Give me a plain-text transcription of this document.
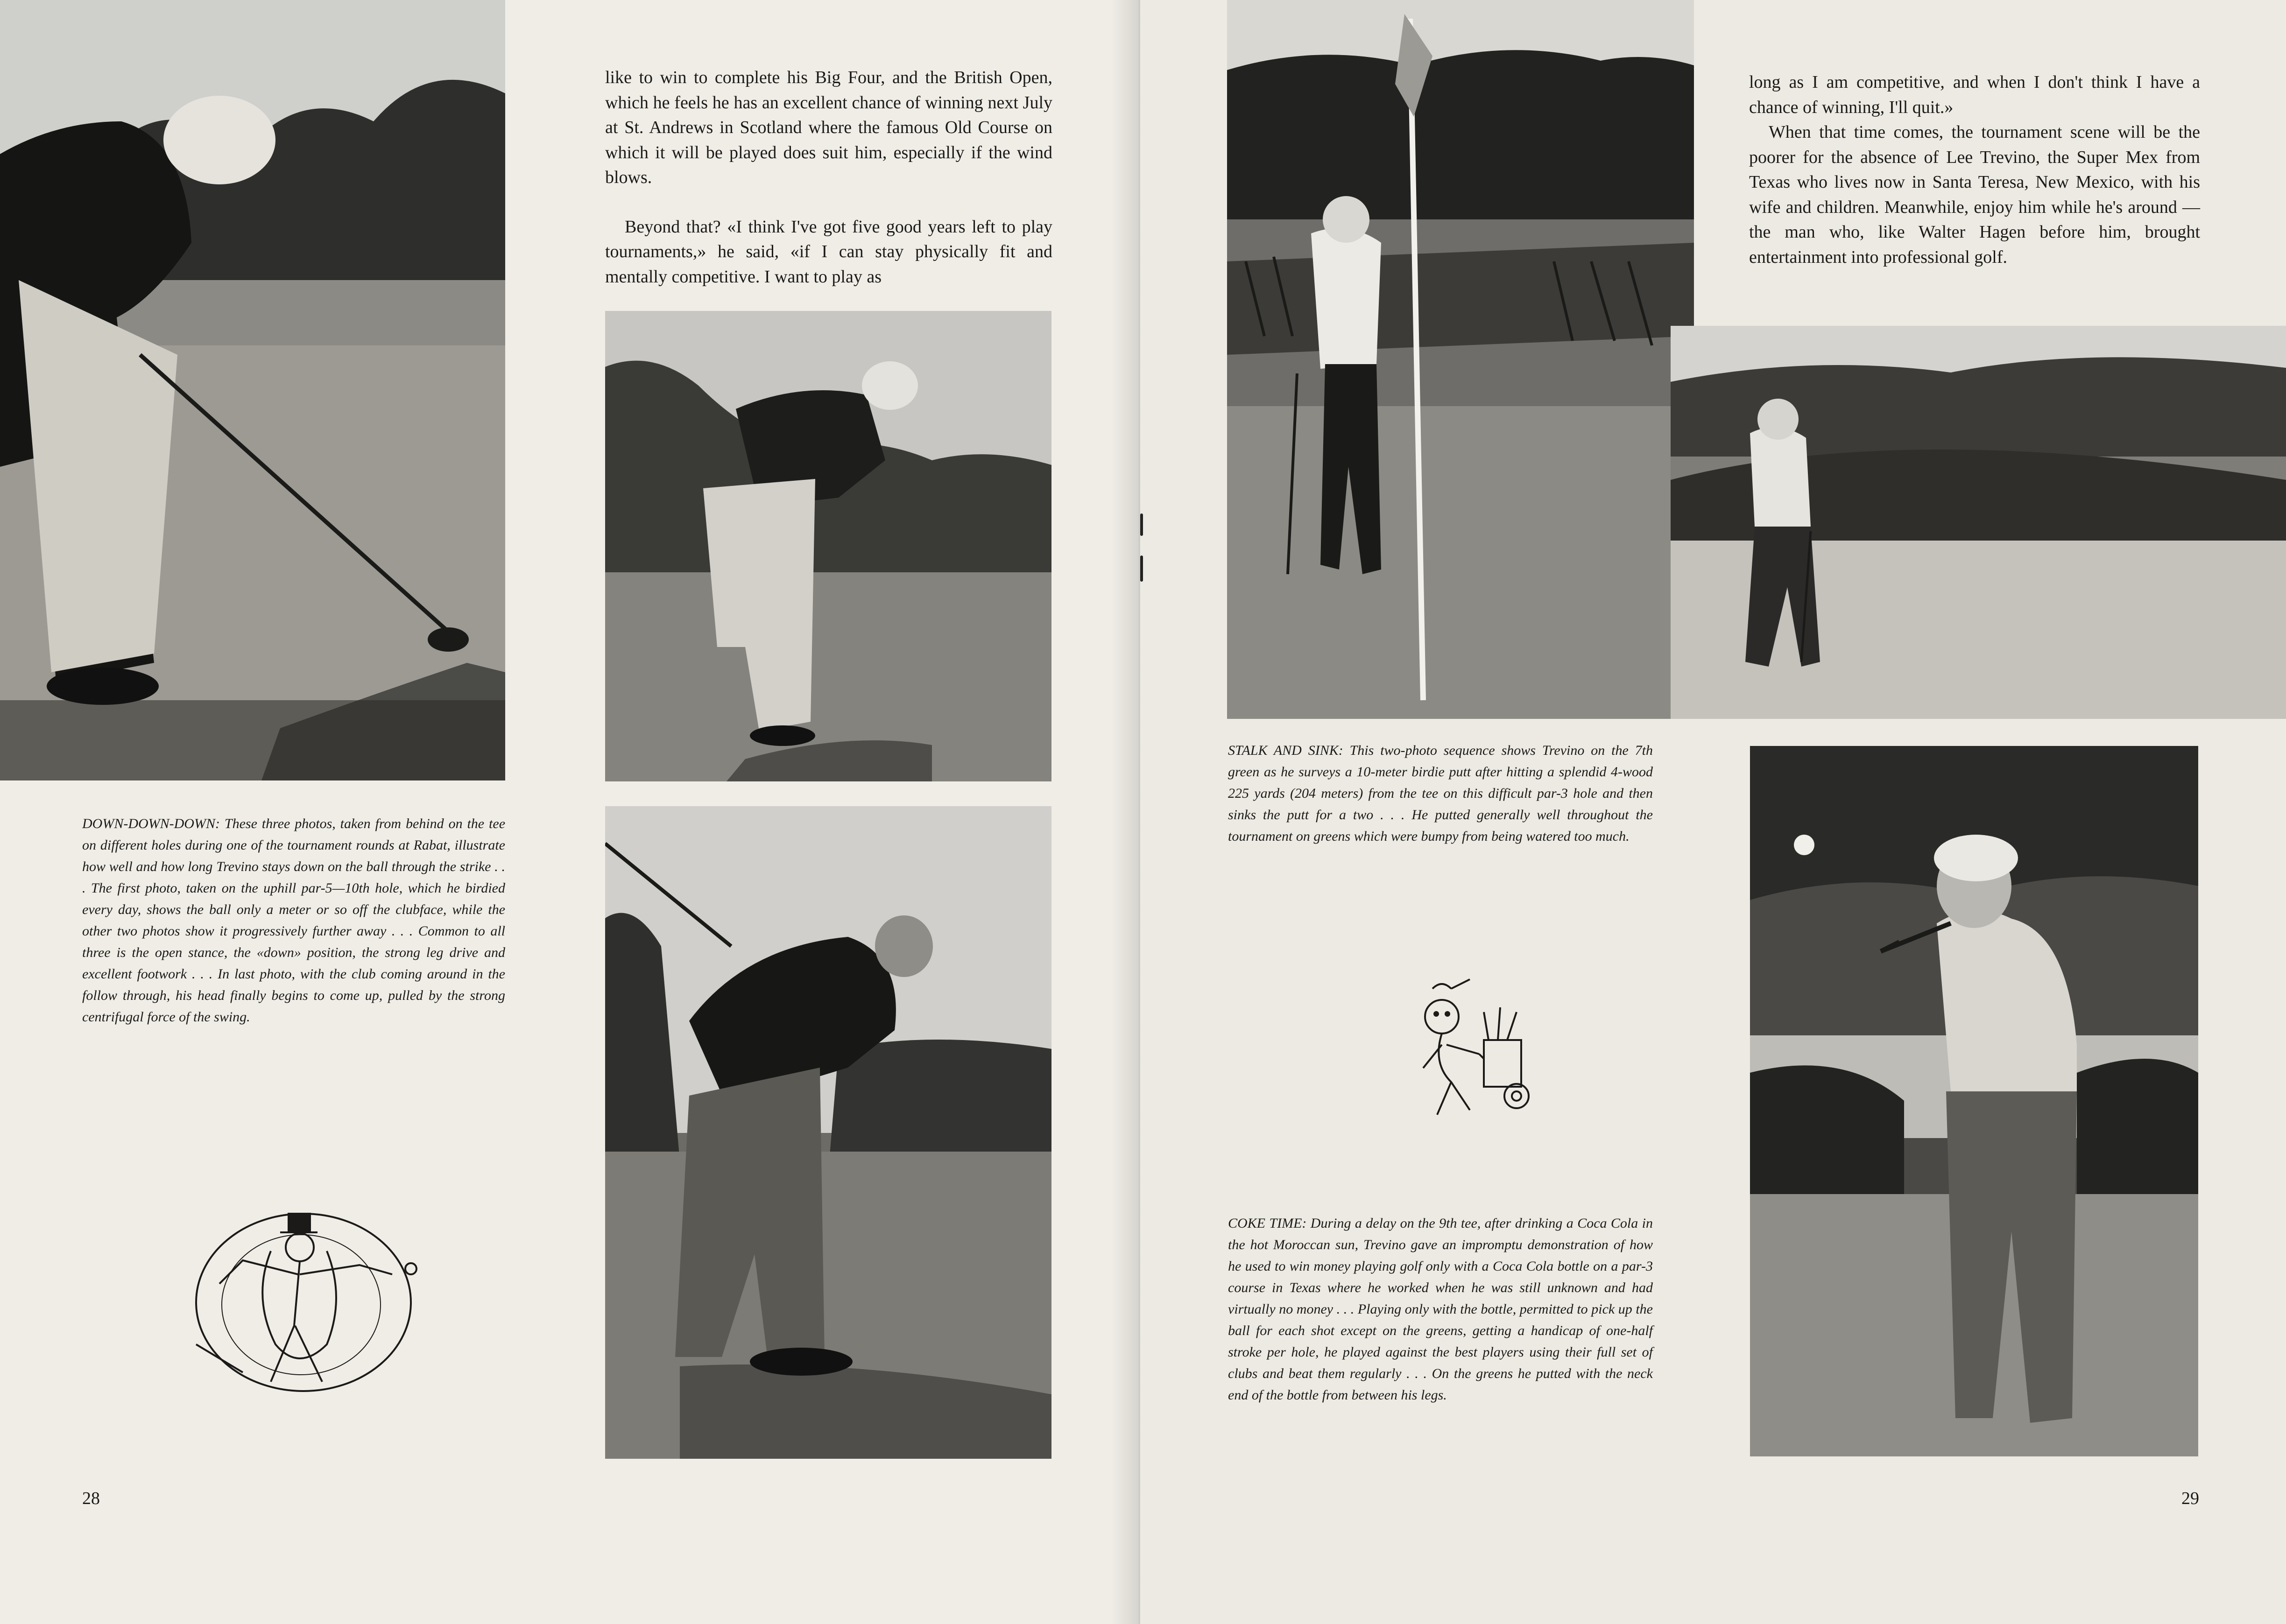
like to win to complete his Big Four, and the British Open, which he feels he has an excellent chance of winning next July at St. Andrews in Scotland where the famous Old Course on which it will be played does suit him, especially if the wind blows.

Beyond that? «I think I've got five good years left to play tournaments,» he said, «if I can stay physically fit and mentally competitive. I want to play as

DOWN-DOWN-DOWN: These three photos, taken from behind on the tee on different holes during one of the tournament rounds at Rabat, illustrate how well and how long Trevino stays down on the ball through the strike . . . The first photo, taken on the uphill par-5—10th hole, which he birdied every day, shows the ball only a meter or so off the clubface, while the other two photos show it progressively further away . . . Common to all three is the open stance, the «down» position, the strong leg drive and excellent footwork . . . In last photo, with the club coming around in the follow through, his head finally begins to come up, pulled by the strong centrifugal force of the swing.
28

long as I am competitive, and when I don't think I have a chance of winning, I'll quit.»

When that time comes, the tournament scene will be the poorer for the absence of Lee Trevino, the Super Mex from Texas who lives now in Santa Teresa, New Mexico, with his wife and children. Meanwhile, enjoy him while he's around — the man who, like Walter Hagen before him, brought entertainment into professional golf.

STALK AND SINK: This two-photo sequence shows Trevino on the 7th green as he surveys a 10-meter birdie putt after hitting a splendid 4-wood 225 yards (204 meters) from the tee on this difficult par-3 hole and then sinks the putt for a two . . . He putted generally well throughout the tournament on greens which were bumpy from being watered too much.
COKE TIME: During a delay on the 9th tee, after drinking a Coca Cola in the hot Moroccan sun, Trevino gave an impromptu demonstration of how he used to win money playing golf only with a Coca Cola bottle on a par-3 course in Texas where he worked when he was still unknown and had virtually no money . . . Playing only with the bottle, permitted to pick up the ball for each shot except on the greens, getting a handicap of one-half stroke per hole, he played against the best players using their full set of clubs and beat them regularly . . . On the greens he putted with the neck end of the bottle from between his legs.
29
